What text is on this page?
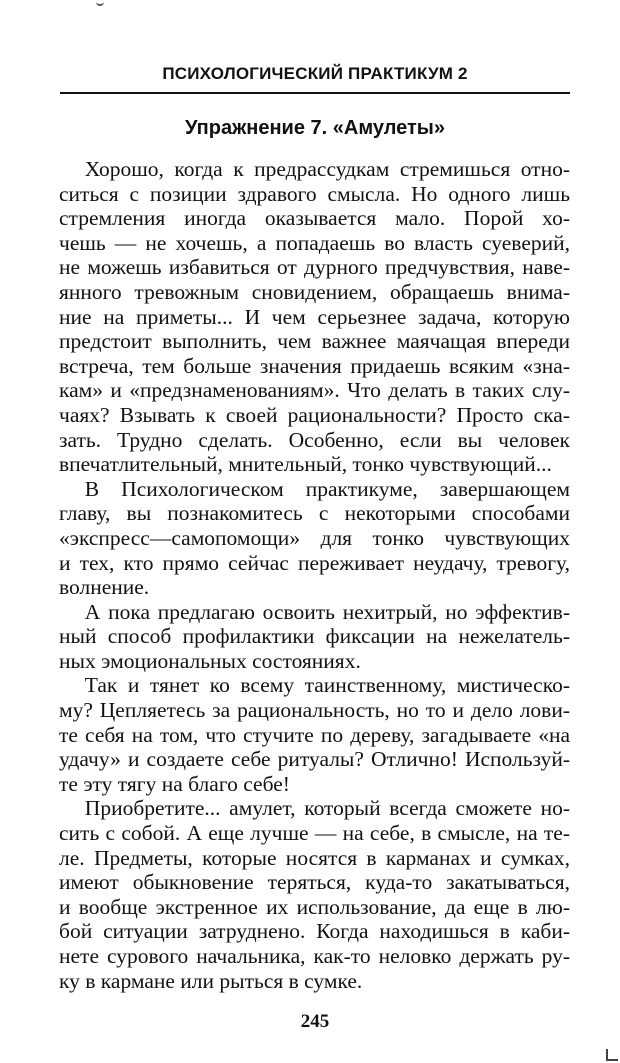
ПСИХОЛОГИЧЕСКИЙ ПРАКТИКУМ 2
Упражнение 7. «Амулеты»
Хорошо, когда к предрассудкам стремишься отно-
ситься с позиции здравого смысла. Но одного лишь
стремления иногда оказывается мало. Порой хо-
чешь — не хочешь, а попадаешь во власть суеверий,
не можешь избавиться от дурного предчувствия, наве-
янного тревожным сновидением, обращаешь внима-
ние на приметы... И чем серьезнее задача, которую
предстоит выполнить, чем важнее маячащая впереди
встреча, тем больше значения придаешь всяким «зна-
кам» и «предзнаменованиям». Что делать в таких слу-
чаях? Взывать к своей рациональности? Просто ска-
зать. Трудно сделать. Особенно, если вы человек
впечатлительный, мнительный, тонко чувствующий...
В Психологическом практикуме, завершающем
главу, вы познакомитесь с некоторыми способами
«экспресс—самопомощи» для тонко чувствующих
и тех, кто прямо сейчас переживает неудачу, тревогу,
волнение.
А пока предлагаю освоить нехитрый, но эффектив-
ный способ профилактики фиксации на нежелатель-
ных эмоциональных состояниях.
Так и тянет ко всему таинственному, мистическо-
му? Цепляетесь за рациональность, но то и дело лови-
те себя на том, что стучите по дереву, загадываете «на
удачу» и создаете себе ритуалы? Отлично! Используй-
те эту тягу на благо себе!
Приобретите... амулет, который всегда сможете но-
сить с собой. А еще лучше — на себе, в смысле, на те-
ле. Предметы, которые носятся в карманах и сумках,
имеют обыкновение теряться, куда-то закатываться,
и вообще экстренное их использование, да еще в лю-
бой ситуации затруднено. Когда находишься в каби-
нете сурового начальника, как-то неловко держать ру-
ку в кармане или рыться в сумке.
245
